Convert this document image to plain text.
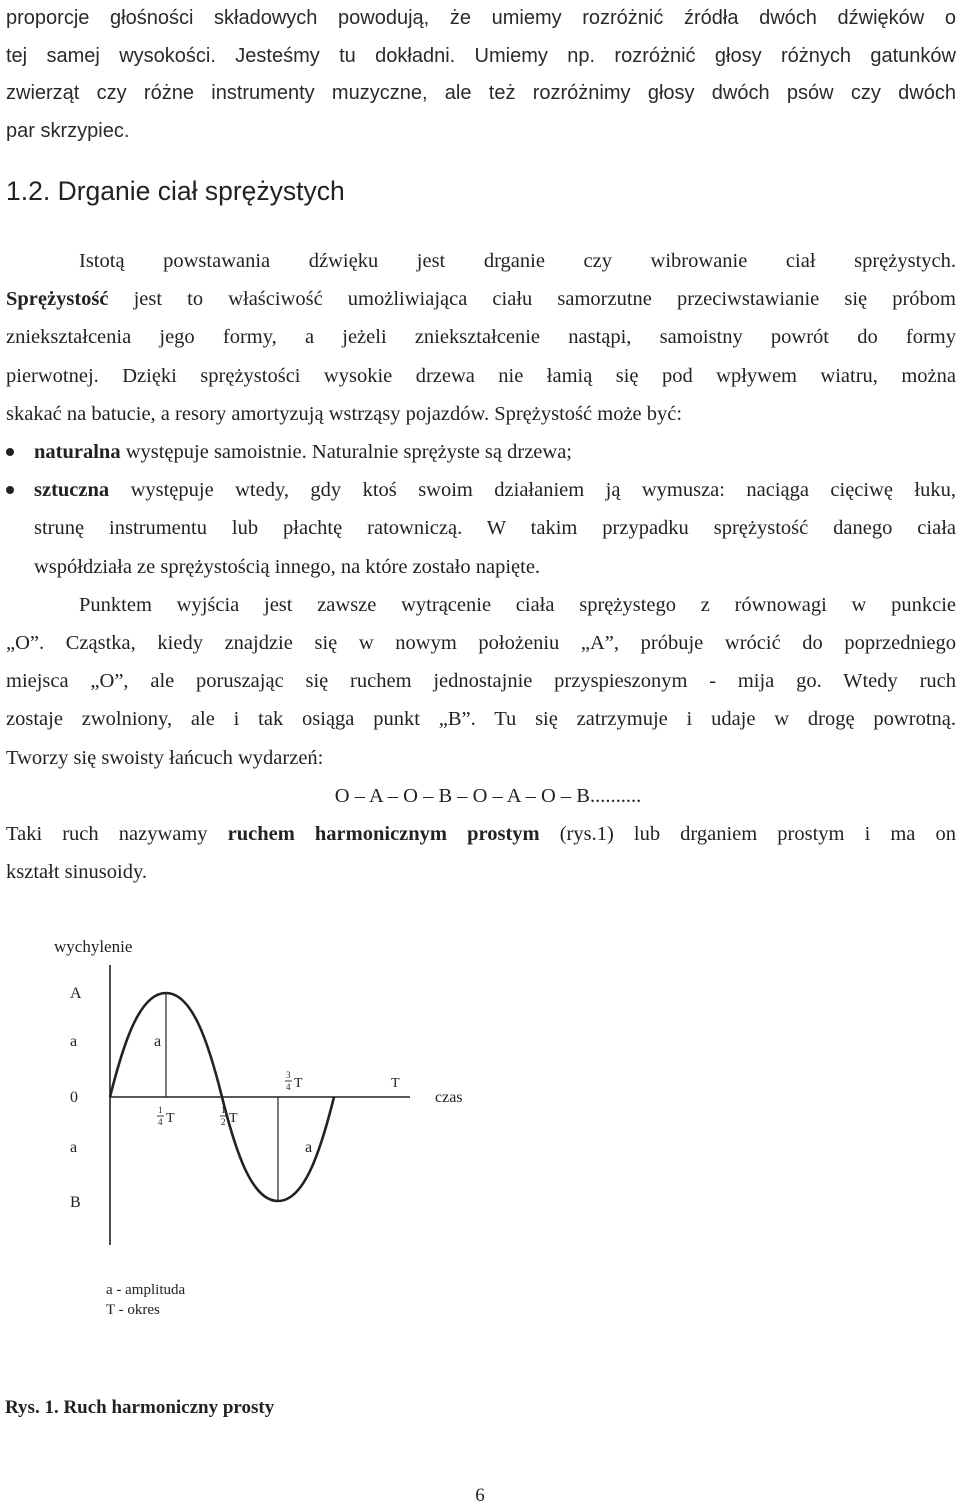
proporcje głośności składowych powodują, że umiemy rozróżnić źródła dwóch dźwięków o

tej samej wysokości. Jesteśmy tu dokładni. Umiemy np. rozróżnić głosy różnych gatunków

zwierząt czy różne instrumenty muzyczne, ale też rozróżnimy głosy dwóch psów czy dwóch

par skrzypiec.

1.2. Drganie ciał sprężystych

Istotą powstawania dźwięku jest drganie czy wibrowanie ciał sprężystych.

Sprężystość jest to właściwość umożliwiająca ciału samorzutne przeciwstawianie się próbom

zniekształcenia jego formy, a jeżeli zniekształcenie nastąpi, samoistny powrót do formy

pierwotnej. Dzięki sprężystości wysokie drzewa nie łamią się pod wpływem wiatru, można

skakać na batucie, a resory amortyzują wstrząsy pojazdów. Sprężystość może być:

naturalna występuje samoistnie. Naturalnie sprężyste są drzewa;

sztuczna występuje wtedy, gdy ktoś swoim działaniem ją wymusza: naciąga cięciwę łuku,

strunę instrumentu lub płachtę ratowniczą. W takim przypadku sprężystość danego ciała

współdziała ze sprężystością innego, na które zostało napięte.

Punktem wyjścia jest zawsze wytrącenie ciała sprężystego z równowagi w punkcie

„O”. Cząstka, kiedy znajdzie się w nowym położeniu „A”, próbuje wrócić do poprzedniego

miejsca „O”, ale poruszając się ruchem jednostajnie przyspieszonym - mija go. Wtedy ruch

zostaje zwolniony, ale i tak osiąga punkt „B”. Tu się zatrzymuje i udaje w drogę powrotną.

Tworzy się swoisty łańcuch wydarzeń:

O – A – O – B – O – A – O – B..........

Taki ruch nazywamy ruchem harmonicznym prostym (rys.1) lub drganiem prostym i ma on

kształt sinusoidy.

wychylenie
czas
A
a
0
a
B
a
a
1
4 T
1
2 T
3
4 T	T
a - amplituda
T - okres
Rys. 1. Ruch harmoniczny prosty
6
